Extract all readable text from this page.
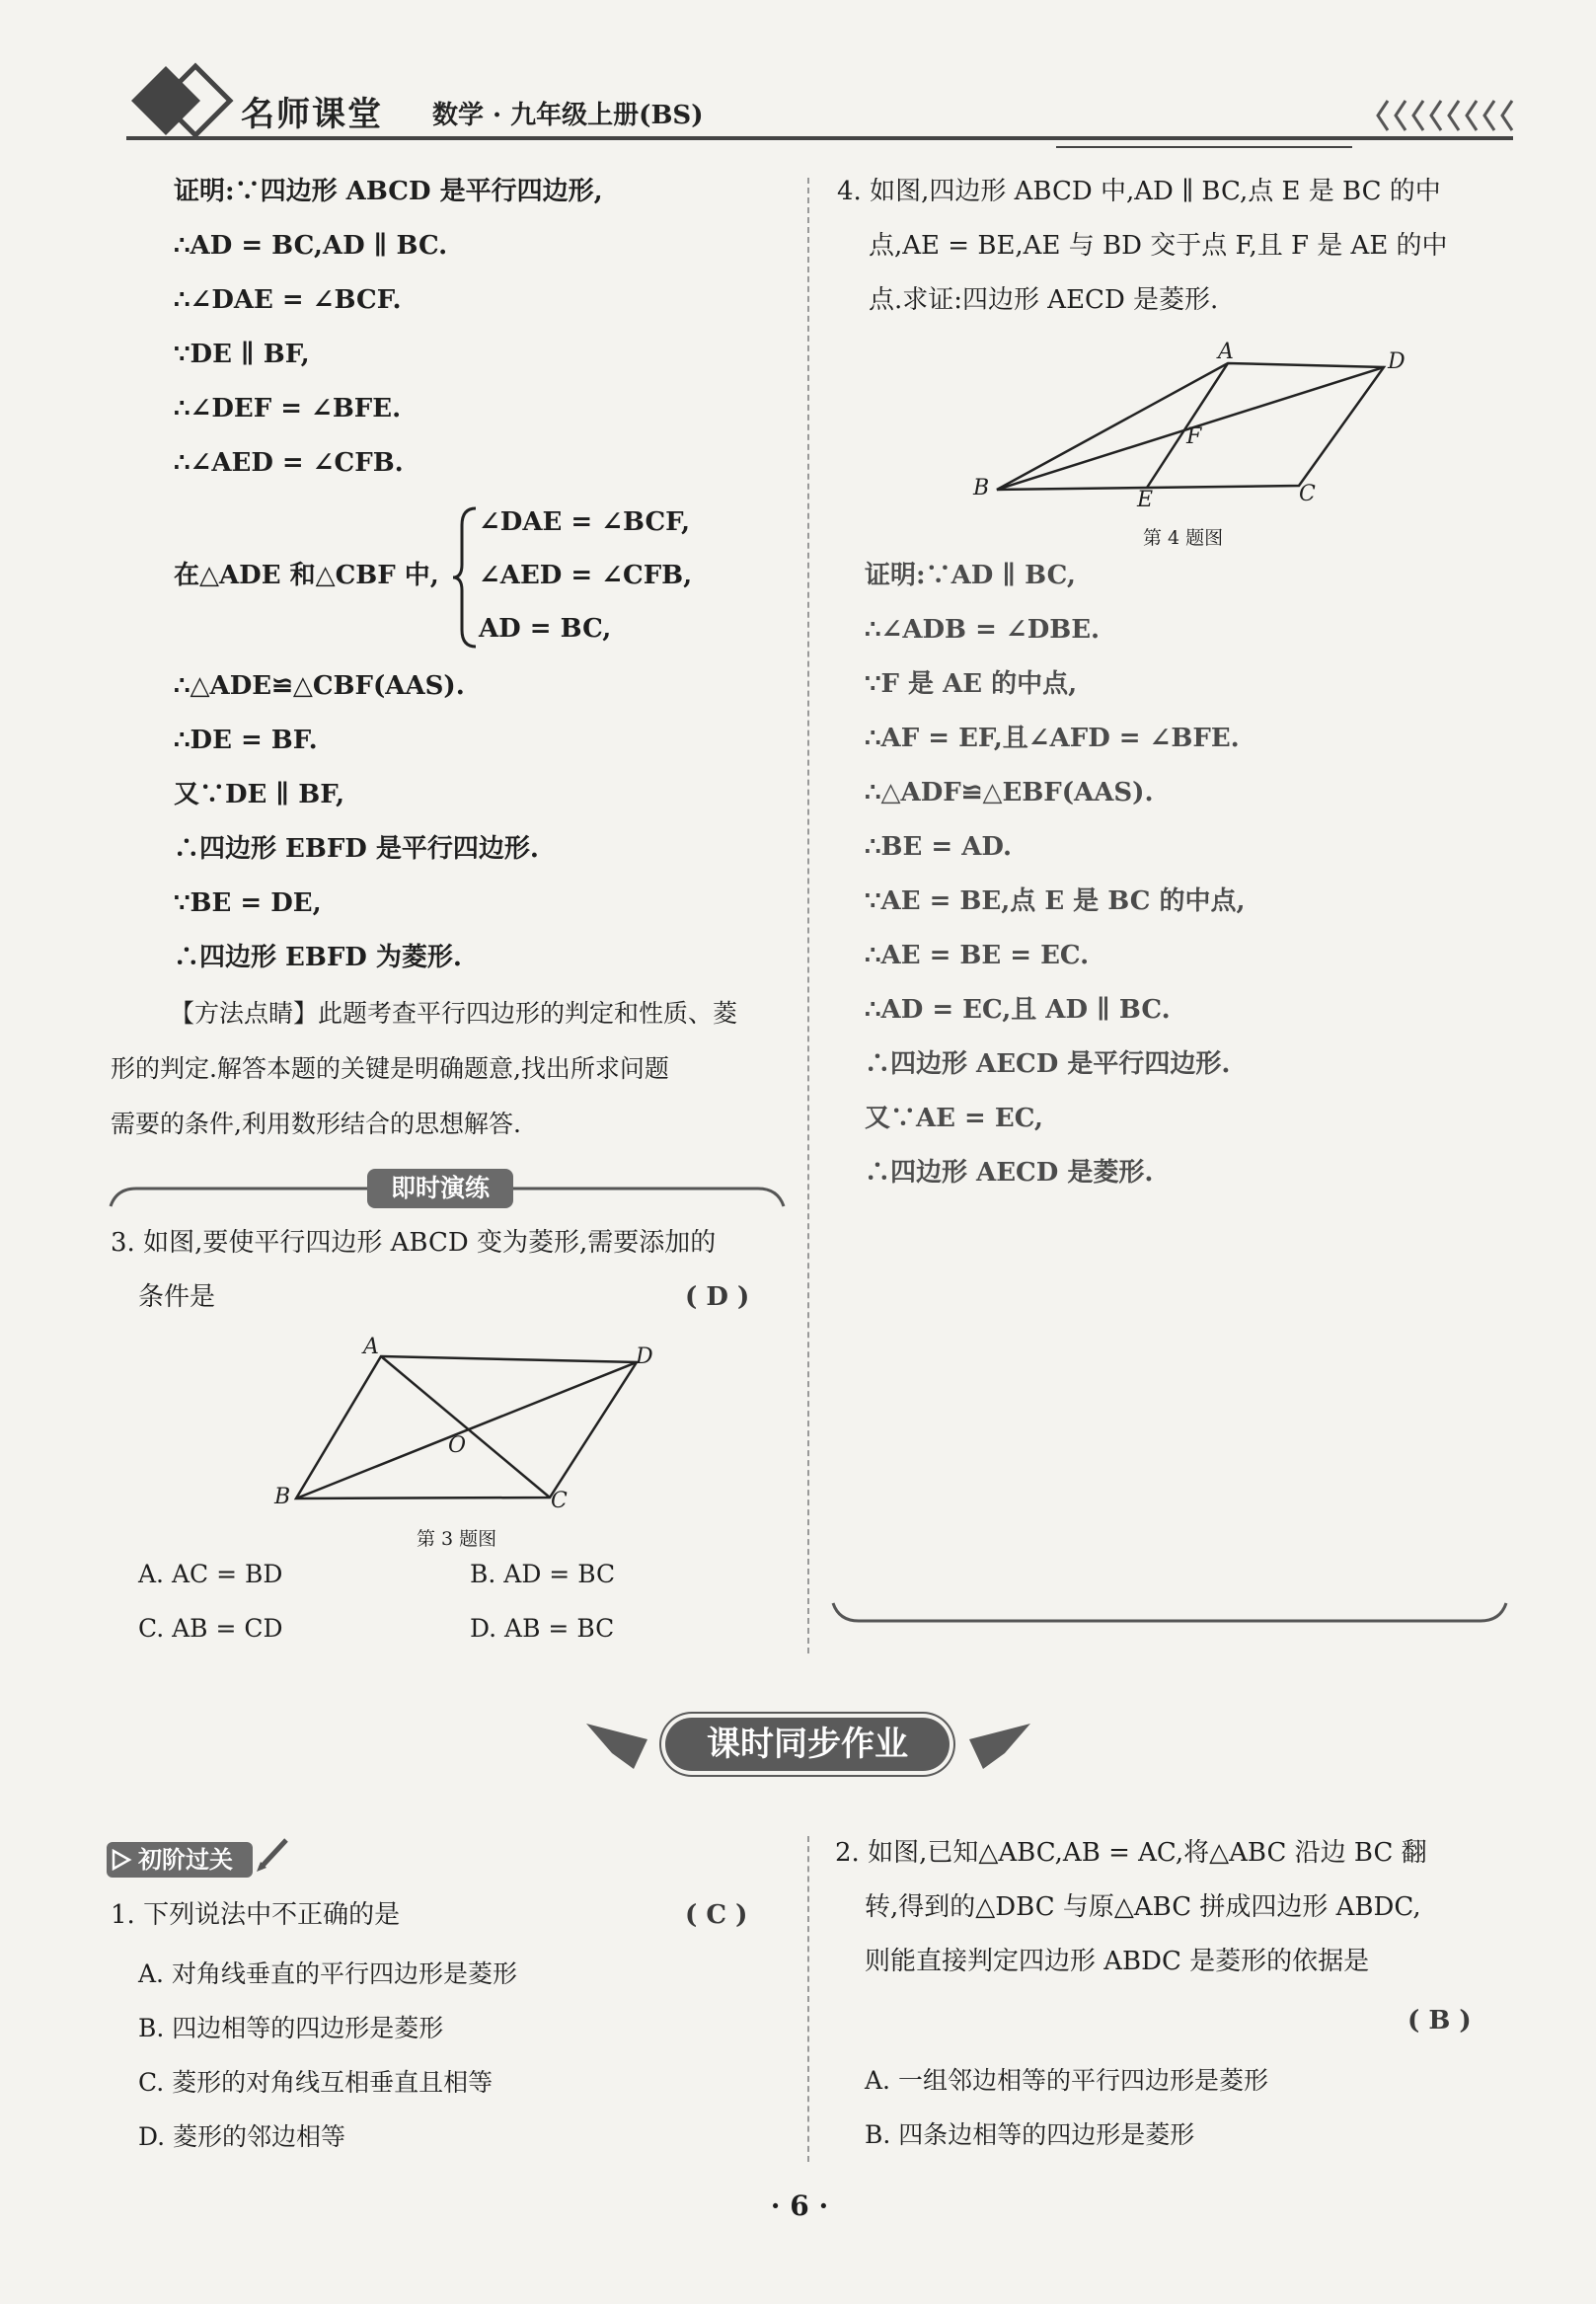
名师课堂 数学 · 九年级上册(BS)
证明:∵四边形 ABCD 是平行四边形,
∴AD = BC,AD ∥ BC.
∴∠DAE = ∠BCF.
∵DE ∥ BF,
∴∠DEF = ∠BFE.
∴∠AED = ∠CFB.
在△ADE 和△CBF 中,
∠DAE = ∠BCF,
∠AED = ∠CFB,
AD = BC,
∴△ADE≌△CBF(AAS).
∴DE = BF.
又∵DE ∥ BF,
∴四边形 EBFD 是平行四边形.
∵BE = DE,
∴四边形 EBFD 为菱形.
【方法点睛】此题考查平行四边形的判定和性质、菱
形的判定.解答本题的关键是明确题意,找出所求问题
需要的条件,利用数形结合的思想解答.
即时演练
3. 如图,要使平行四边形 ABCD 变为菱形,需要添加的
条件是	( D )
A	D
B	C
O
第 3 题图
A. AC = BD	B. AD = BC
C. AB = CD	D. AB = BC
4. 如图,四边形 ABCD 中,AD ∥ BC,点 E 是 BC 的中
点,AE = BE,AE 与 BD 交于点 F,且 F 是 AE 的中
点.求证:四边形 AECD 是菱形.
A	D
F
B	E	C
第 4 题图
证明:∵AD ∥ BC,
∴∠ADB = ∠DBE.
∵F 是 AE 的中点,
∴AF = EF,且∠AFD = ∠BFE.
∴△ADF≌△EBF(AAS).
∴BE = AD.
∵AE = BE,点 E 是 BC 的中点,
∴AE = BE = EC.
∴AD = EC,且 AD ∥ BC.
∴四边形 AECD 是平行四边形.
又∵AE = EC,
∴四边形 AECD 是菱形.
课时同步作业
初阶过关
1. 下列说法中不正确的是	( C )
A. 对角线垂直的平行四边形是菱形
B. 四边相等的四边形是菱形
C. 菱形的对角线互相垂直且相等
D. 菱形的邻边相等
2. 如图,已知△ABC,AB = AC,将△ABC 沿边 BC 翻
转,得到的△DBC 与原△ABC 拼成四边形 ABDC,
则能直接判定四边形 ABDC 是菱形的依据是
( B )
A. 一组邻边相等的平行四边形是菱形
B. 四条边相等的四边形是菱形
· 6 ·
